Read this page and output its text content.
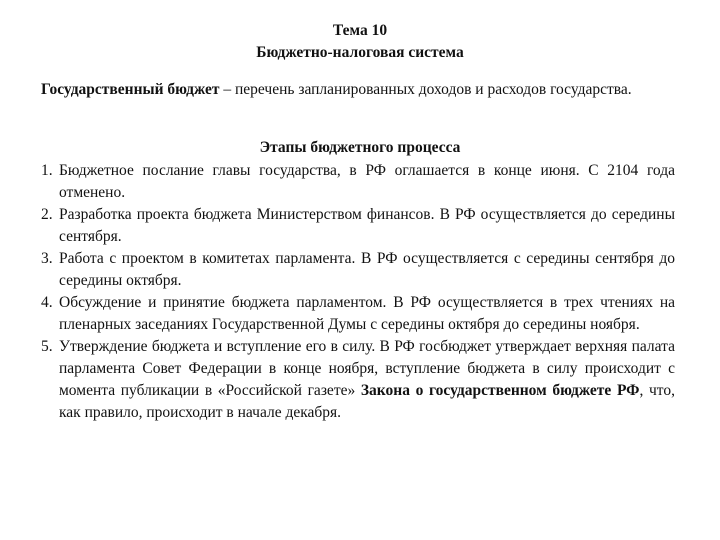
Тема 10
Бюджетно-налоговая система
Государственный бюджет – перечень запланированных доходов и расходов государства.
Этапы бюджетного процесса
1. Бюджетное послание главы государства, в РФ оглашается в конце июня. С 2104 года отменено.
2. Разработка проекта бюджета Министерством финансов. В РФ осуществляется до середины сентября.
3. Работа с проектом в комитетах парламента. В РФ осуществляется с середины сентября до середины октября.
4. Обсуждение и принятие бюджета парламентом. В РФ осуществляется в трех чтениях на пленарных заседаниях Государственной Думы с середины октября до середины ноября.
5. Утверждение бюджета и вступление его в силу. В РФ госбюджет утверждает верхняя палата парламента Совет Федерации в конце ноября, вступление бюджета в силу происходит с момента публикации в «Российской газете» Закона о государственном бюджете РФ, что, как правило, происходит в начале декабря.
